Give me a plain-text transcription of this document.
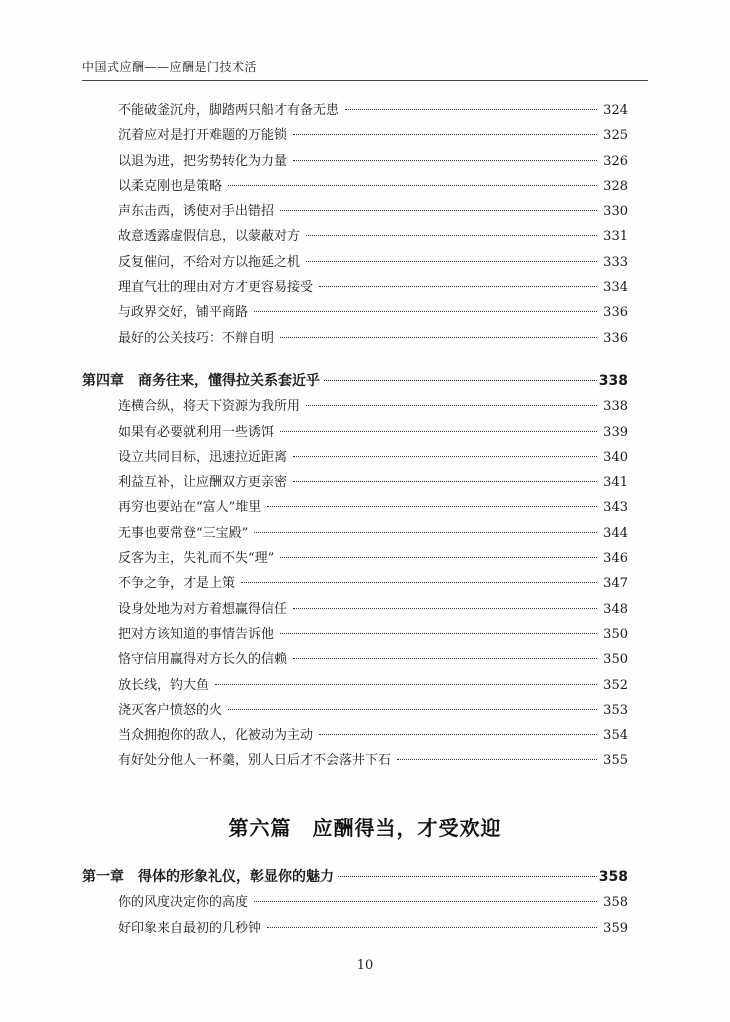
中国式应酬——应酬是门技术活
不能破釜沉舟，脚踏两只船才有备无患	324
沉着应对是打开难题的万能锁	325
以退为进，把劣势转化为力量	326
以柔克刚也是策略	328
声东击西，诱使对手出错招	330
故意透露虚假信息，以蒙蔽对方	331
反复催问，不给对方以拖延之机	333
理直气壮的理由对方才更容易接受	334
与政界交好，铺平商路	336
最好的公关技巧：不辩自明	336
第四章　商务往来，懂得拉关系套近乎	338
连横合纵，将天下资源为我所用	338
如果有必要就利用一些诱饵	339
设立共同目标，迅速拉近距离	340
利益互补，让应酬双方更亲密	341
再穷也要站在“富人”堆里	343
无事也要常登“三宝殿”	344
反客为主，失礼而不失“理”	346
不争之争，才是上策	347
设身处地为对方着想赢得信任	348
把对方该知道的事情告诉他	350
恪守信用赢得对方长久的信赖	350
放长线，钓大鱼	352
浇灭客户愤怒的火	353
当众拥抱你的敌人，化被动为主动	354
有好处分他人一杯羹，别人日后才不会落井下石	355
第六篇　应酬得当，才受欢迎
第一章　得体的形象礼仪，彰显你的魅力	358
你的风度决定你的高度	358
好印象来自最初的几秒钟	359
10
